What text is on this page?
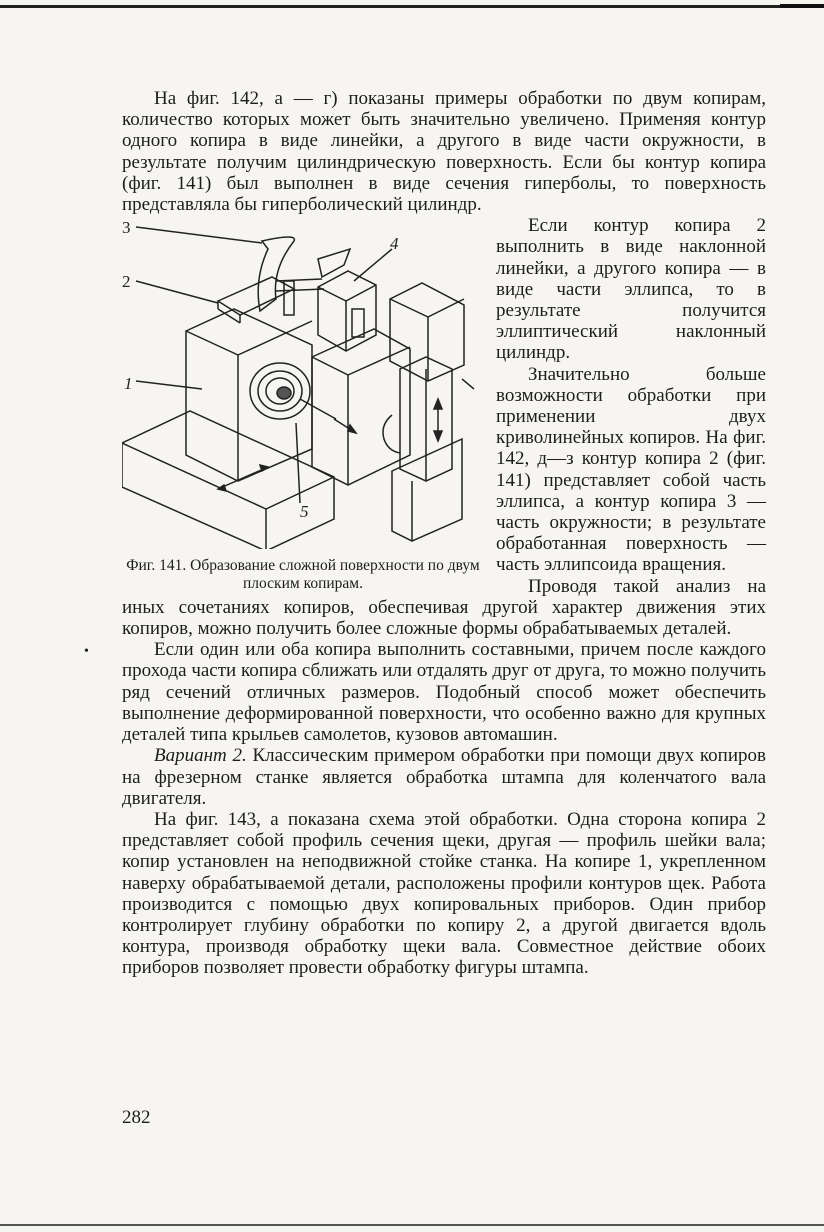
•

На фиг. 142, а — г) показаны примеры обработки по двум копирам, количество которых может быть значительно увеличено. Применяя контур одного копира в виде линейки, а другого в виде части окружности, в результате получим цилиндрическую поверхность. Если бы контур копира (фиг. 141) был выполнен в виде сечения гиперболы, то поверхность представляла бы гиперболический цилиндр.

3
2
1
4
5
Фиг. 141. Образование сложной поверхности по двум плоским копирам.

Если контур копира 2 выполнить в виде наклонной линейки, а другого копира — в виде части эллипса, то в результате получится эллиптический наклонный цилиндр.

Значительно больше возможности обработки при применении двух криволинейных копиров. На фиг. 142, д—з контур копира 2 (фиг. 141) представляет собой часть эллипса, а контур копира 3 — часть окружности; в результате обработанная поверхность — часть эллипсоида вращения.

Проводя такой анализ на иных сочетаниях копиров, обеспечивая другой характер движения этих копиров, можно получить более сложные формы обрабатываемых деталей.

Если один или оба копира выполнить составными, причем после каждого прохода части копира сближать или отдалять друг от друга, то можно получить ряд сечений отличных размеров. Подобный способ может обеспечить выполнение деформированной поверхности, что особенно важно для крупных деталей типа крыльев самолетов, кузовов автомашин.

Вариант 2. Классическим примером обработки при помощи двух копиров на фрезерном станке является обработка штампа для коленчатого вала двигателя.

На фиг. 143, а показана схема этой обработки. Одна сторона копира 2 представляет собой профиль сечения щеки, другая — профиль шейки вала; копир установлен на неподвижной стойке станка. На копире 1, укрепленном наверху обрабатываемой детали, расположены профили контуров щек. Работа производится с помощью двух копировальных приборов. Один прибор контролирует глубину обработки по копиру 2, а другой двигается вдоль контура, производя обработку щеки вала. Совместное действие обоих приборов позволяет провести обработку фигуры штампа.

282
